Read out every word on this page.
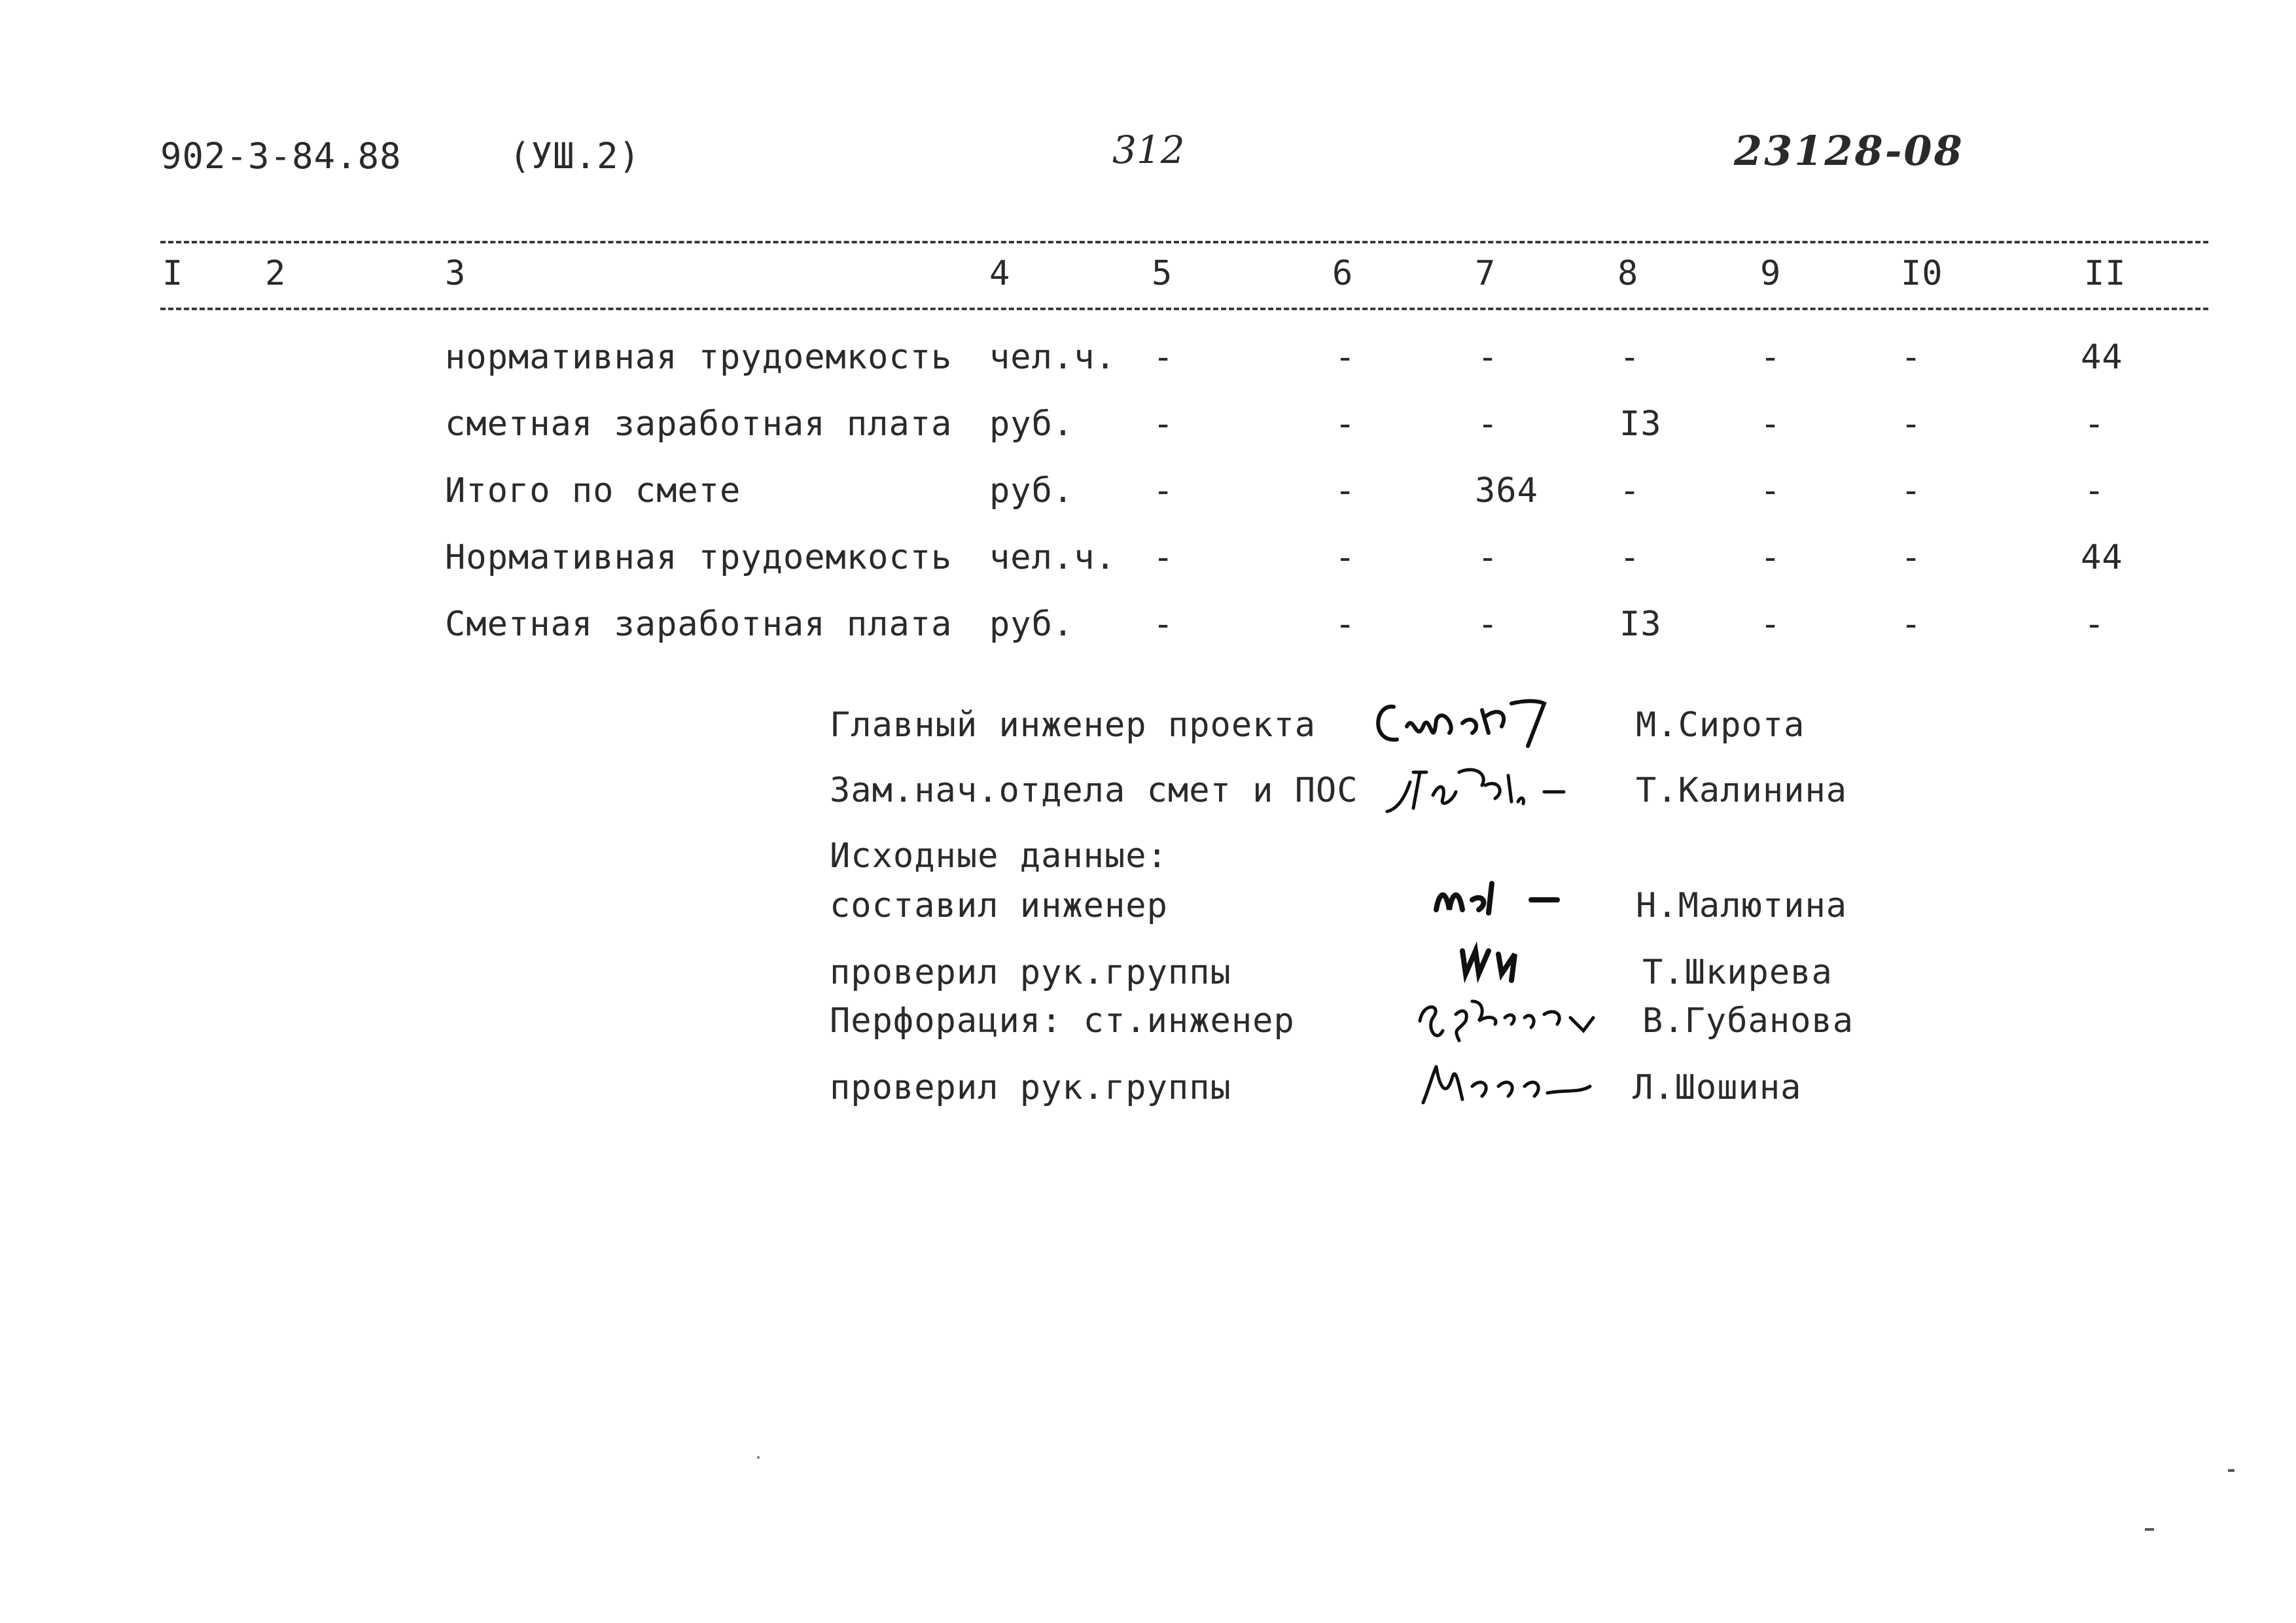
902-3-84.88	(УШ.2)	312	23128-08
I 2	3	4	5	6	7	8	9	I0	II
нормативная трудоемкость чел.ч. -	-	-	-	-	-	44
сметная заработная плата руб. -	-	-	I3	-	-	-
Итого по смете	руб. -	-	364 -	-	-	-
Нормативная трудоемкость чел.ч. -	-	-	-	-	-	44
Сметная заработная плата руб. -	-	-	I3	-	-	-
Главный инженер проекта	М.Сирота
Зам.нач.отдела смет и ПОС	Т.Калинина
Исходные данные:
составил инженер	Н.Малютина
проверил рук.группы	Т.Шкирева
Перфорация: ст.инженер	В.Губанова
проверил рук.группы	Л.Шошина
